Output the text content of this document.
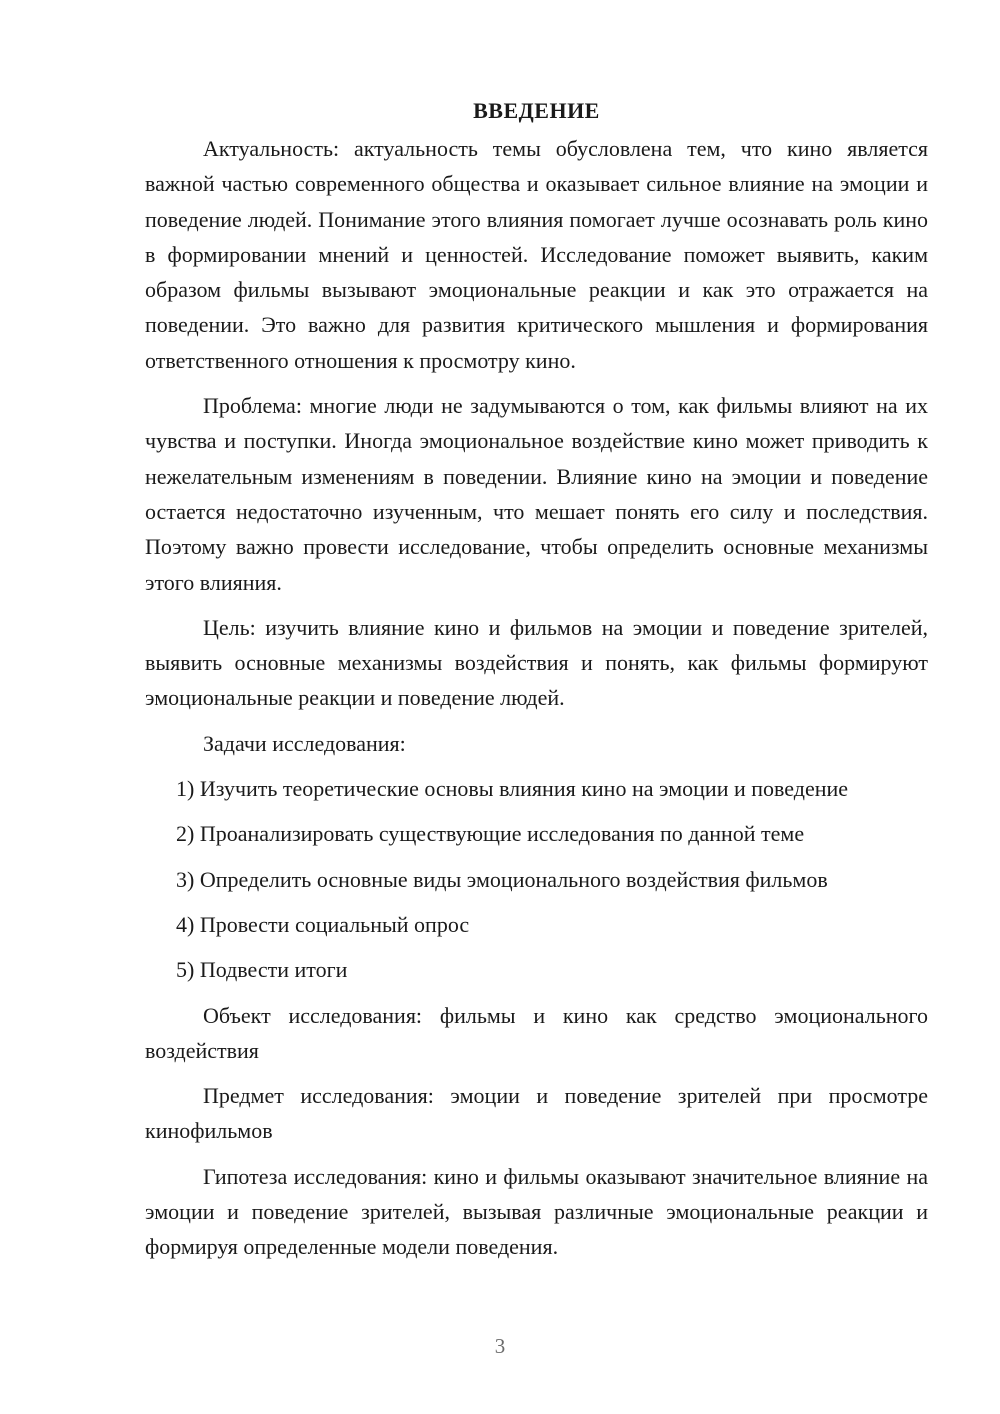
ВВЕДЕНИЕ

Актуальность: актуальность темы обусловлена тем, что кино является важной частью современного общества и оказывает сильное влияние на эмоции и поведение людей. Понимание этого влияния помогает лучше осознавать роль кино в формировании мнений и ценностей. Исследование поможет выявить, каким образом фильмы вызывают эмоциональные реакции и как это отражается на поведении. Это важно для развития критического мышления и формирования ответственного отношения к просмотру кино.

Проблема: многие люди не задумываются о том, как фильмы влияют на их чувства и поступки. Иногда эмоциональное воздействие кино может приводить к нежелательным изменениям в поведении. Влияние кино на эмоции и поведение остается недостаточно изученным, что мешает понять его силу и последствия. Поэтому важно провести исследование, чтобы определить основные механизмы этого влияния.

Цель: изучить влияние кино и фильмов на эмоции и поведение зрителей, выявить основные механизмы воздействия и понять, как фильмы формируют эмоциональные реакции и поведение людей.

Задачи исследования:

1) Изучить теоретические основы влияния кино на эмоции и поведение
2) Проанализировать существующие исследования по данной теме
3) Определить основные виды эмоционального воздействия фильмов
4) Провести социальный опрос
5) Подвести итоги

Объект исследования: фильмы и кино как средство эмоционального воздействия

Предмет исследования: эмоции и поведение зрителей при просмотре кинофильмов

Гипотеза исследования: кино и фильмы оказывают значительное влияние на эмоции и поведение зрителей, вызывая различные эмоциональные реакции и формируя определенные модели поведения.

3
